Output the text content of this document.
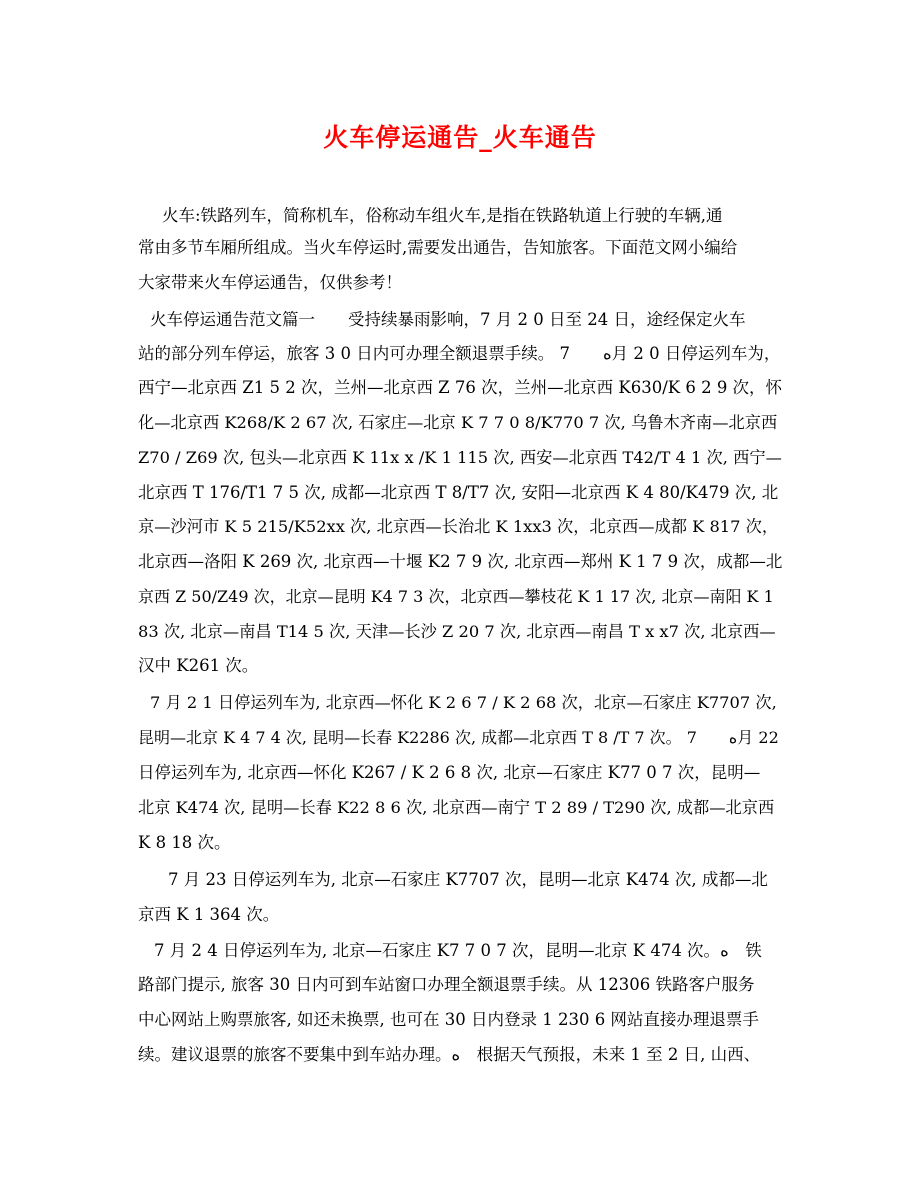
火车停运通告_火车通告

火车:铁路列车，简称机车，俗称动车组火车,是指在铁路轨道上行驶的车辆,通

常由多节车厢所组成。当火车停运时,需要发出通告，告知旅客。下面范文网小编给

大家带来火车停运通告，仅供参考！

火车停运通告范文篇一　　受持续暴雨影响，7 月 2 0 日至 24 日，途经保定火车

站的部分列车停运，旅客 3 0 日内可办理全额退票手续。 7　　ﻩ月 2 0 日停运列车为，

西宁—北京西 Z1 5 2 次，兰州—北京西 Z 76 次，兰州—北京西 K630/K 6 2 9 次，怀

化—北京西 K268/K 2 67 次, 石家庄—北京 K 7 7 0 8/K770 7 次, 乌鲁木齐南—北京西

Z70 / Z69 次, 包头—北京西 K 11x x /K 1 115 次, 西安—北京西 T42/T 4 1 次, 西宁—

北京西 T 176/T1 7 5 次, 成都—北京西 T 8/T7 次, 安阳—北京西 K 4 80/K479 次, 北

京—沙河市 K 5 215/K52xx 次, 北京西—长治北 K 1xx3 次，北京西—成都 K 817 次，

北京西—洛阳 K 269 次, 北京西—十堰 K2 7 9 次, 北京西—郑州 K 1 7 9 次，成都—北

京西 Z 50/Z49 次，北京—昆明 K4 7 3 次，北京西—攀枝花 K 1 17 次, 北京—南阳 K 1

83 次, 北京—南昌 T14 5 次, 天津—长沙 Z 20 7 次, 北京西—南昌 T x x7 次, 北京西—

汉中 K261 次。

7 月 2 1 日停运列车为, 北京西—怀化 K 2 6 7 / K 2 68 次，北京—石家庄 K7707 次,

昆明—北京 K 4 7 4 次, 昆明—长春 K2286 次, 成都—北京西 T 8 /T 7 次。 7　　ﻩ月 22

日停运列车为, 北京西—怀化 K267 / K 2 6 8 次, 北京—石家庄 K77 0 7 次，昆明—

北京 K474 次, 昆明—长春 K22 8 6 次, 北京西—南宁 T 2 89 / T290 次, 成都—北京西

K 8 18 次。

7 月 23 日停运列车为, 北京—石家庄 K7707 次，昆明—北京 K474 次, 成都—北

京西 K 1 364 次。

7 月 2 4 日停运列车为, 北京—石家庄 K7 7 0 7 次，昆明—北京 K 474 次。ﻩ　铁

路部门提示, 旅客 30 日内可到车站窗口办理全额退票手续。从 12306 铁路客户服务

中心网站上购票旅客, 如还未换票, 也可在 30 日内登录 1 230 6 网站直接办理退票手

续。建议退票的旅客不要集中到车站办理。ﻩ　根据天气预报，未来 1 至 2 日, 山西、
